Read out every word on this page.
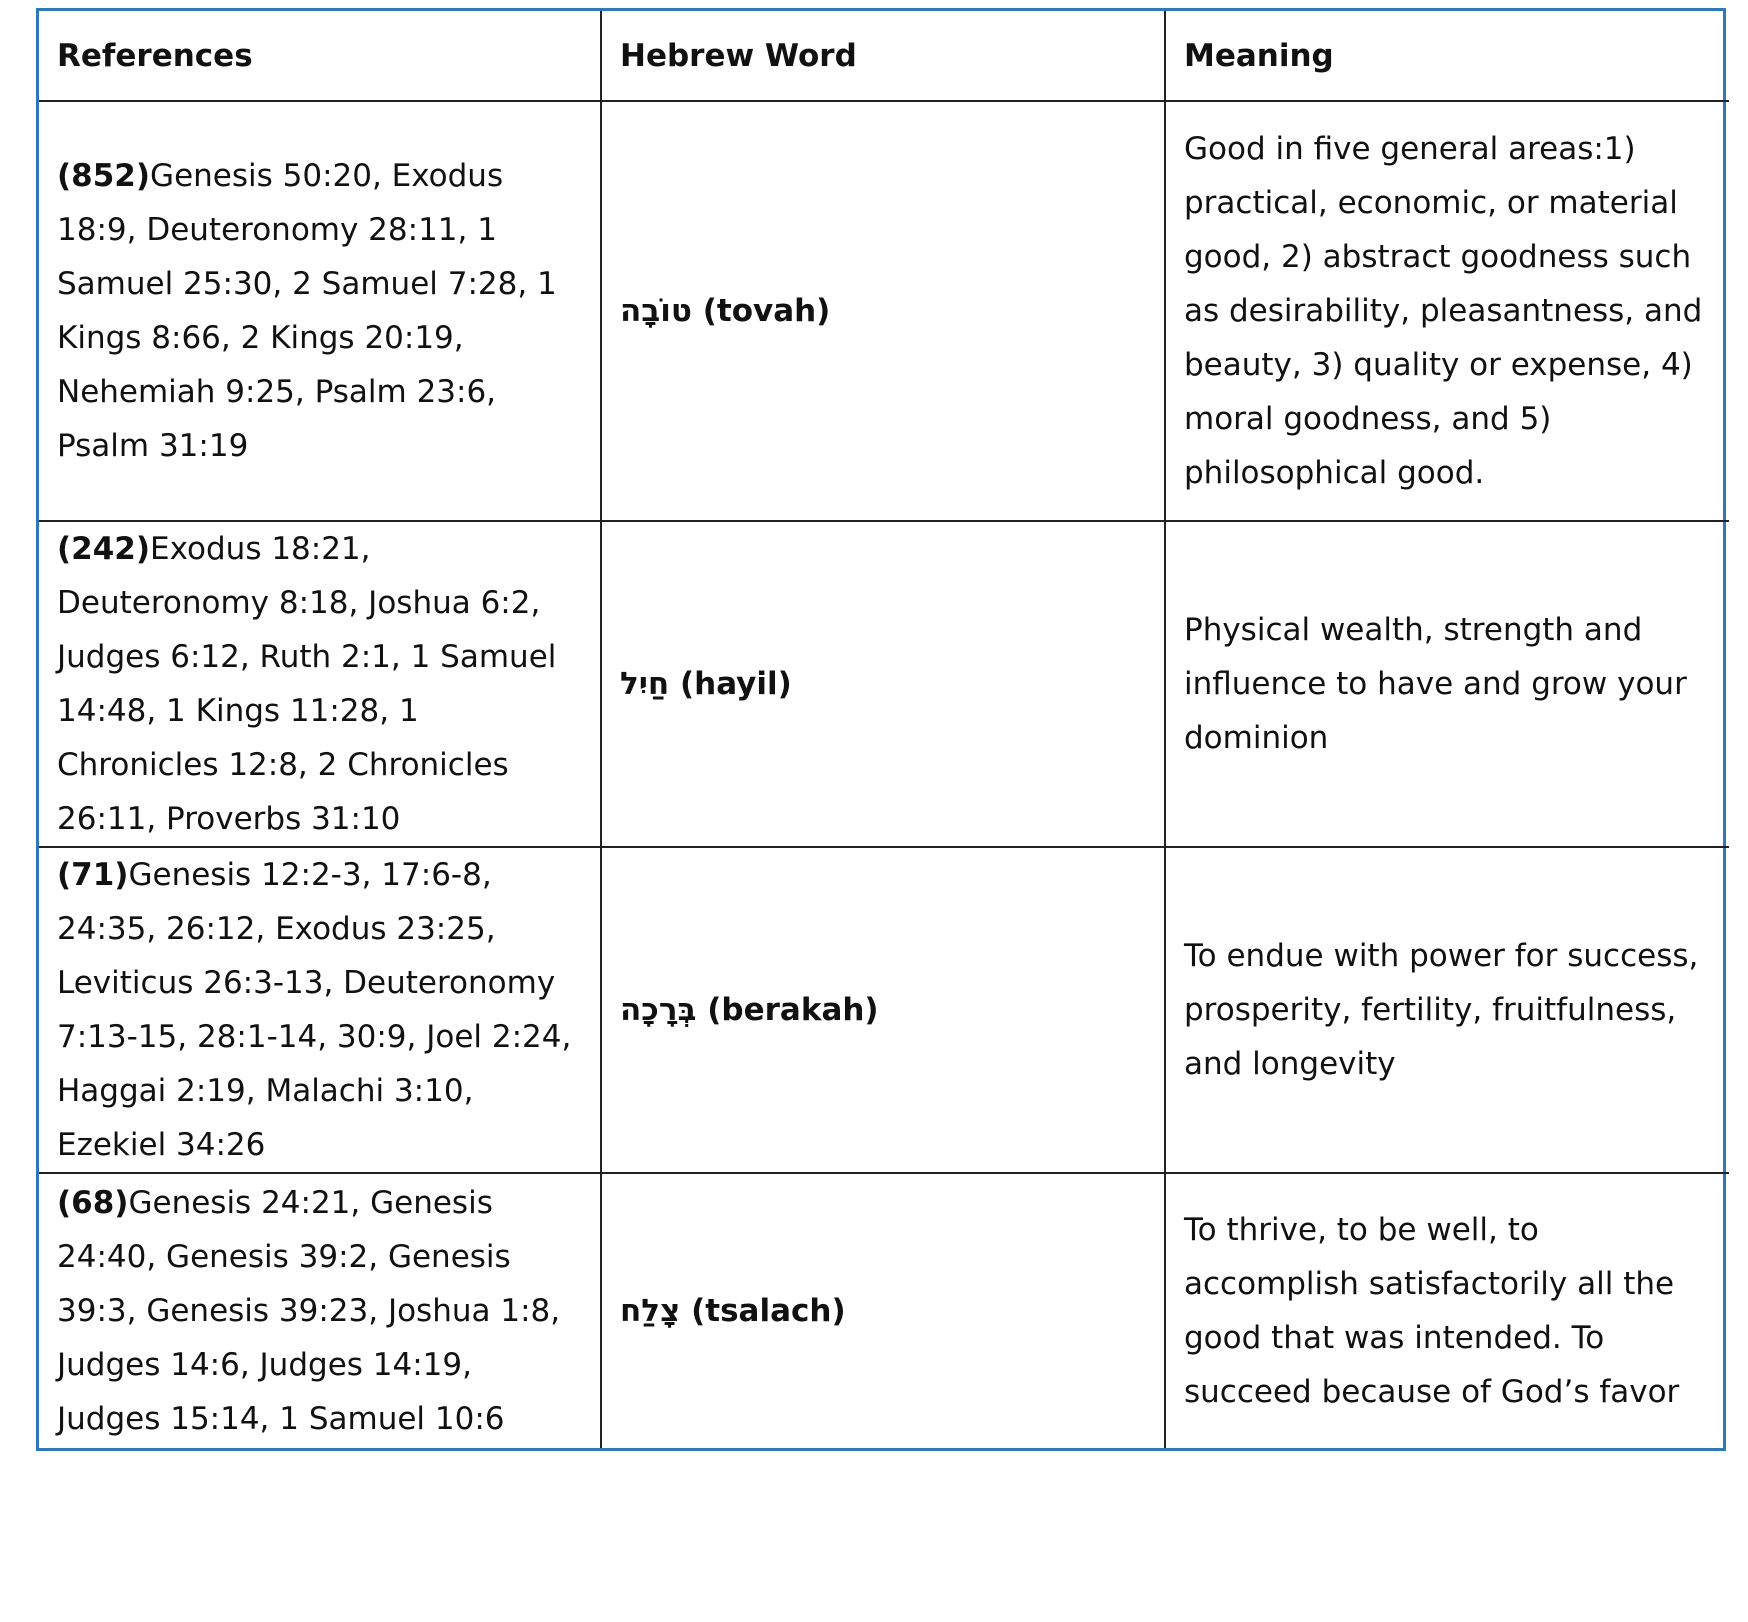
References	Hebrew Word	Meaning
(852)Genesis 50:20, Exodus 18:9, Deuteronomy 28:11, 1 Samuel 25:30, 2 Samuel 7:28, 1 Kings 8:66, 2 Kings 20:19, Nehemiah 9:25, Psalm 23:6, Psalm 31:19	טוֹבָה (tovah)	Good in five general areas:1) practical, economic, or material good, 2) abstract goodness such as desirability, pleasantness, and beauty, 3) quality or expense, 4) moral goodness, and 5) philosophical good.
(242)Exodus 18:21, Deuteronomy 8:18, Joshua 6:2, Judges 6:12, Ruth 2:1, 1 Samuel 14:48, 1 Kings 11:28, 1 Chronicles 12:8, 2 Chronicles 26:11, Proverbs 31:10	חַיִל (hayil)	Physical wealth, strength and influence to have and grow your dominion
(71)Genesis 12:2-3, 17:6-8, 24:35, 26:12, Exodus 23:25, Leviticus 26:3-13, Deuteronomy 7:13-15, 28:1-14, 30:9, Joel 2:24, Haggai 2:19, Malachi 3:10, Ezekiel 34:26	בְּרָכָה (berakah)	To endue with power for success, prosperity, fertility, fruitfulness, and longevity
(68)Genesis 24:21, Genesis 24:40, Genesis 39:2, Genesis 39:3, Genesis 39:23, Joshua 1:8, Judges 14:6, Judges 14:19, Judges 15:14, 1 Samuel 10:6	צָלַח (tsalach)	To thrive, to be well, to accomplish satisfactorily all the good that was intended. To succeed because of God’s favor
